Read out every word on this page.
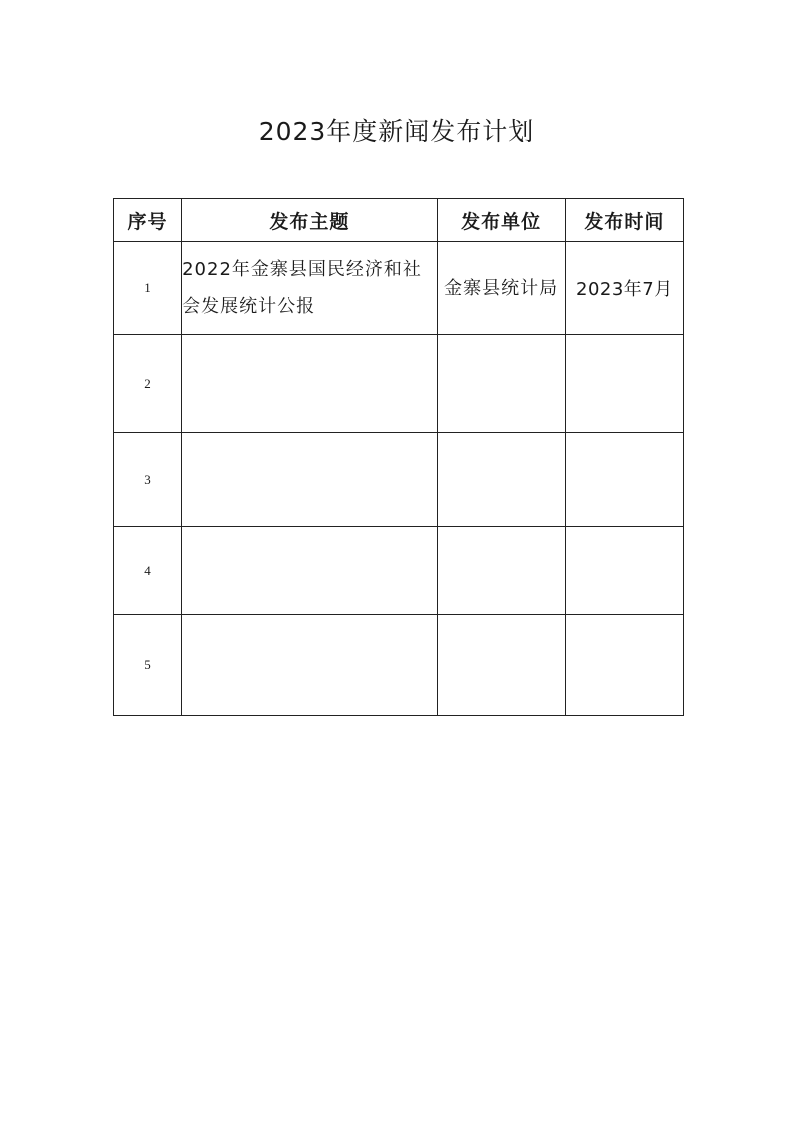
2023年度新闻发布计划
序号	发布主题	发布单位	发布时间
1	2022年金寨县国民经济和社会发展统计公报	金寨县统计局	2023年7月
2			
3			
4			
5			
